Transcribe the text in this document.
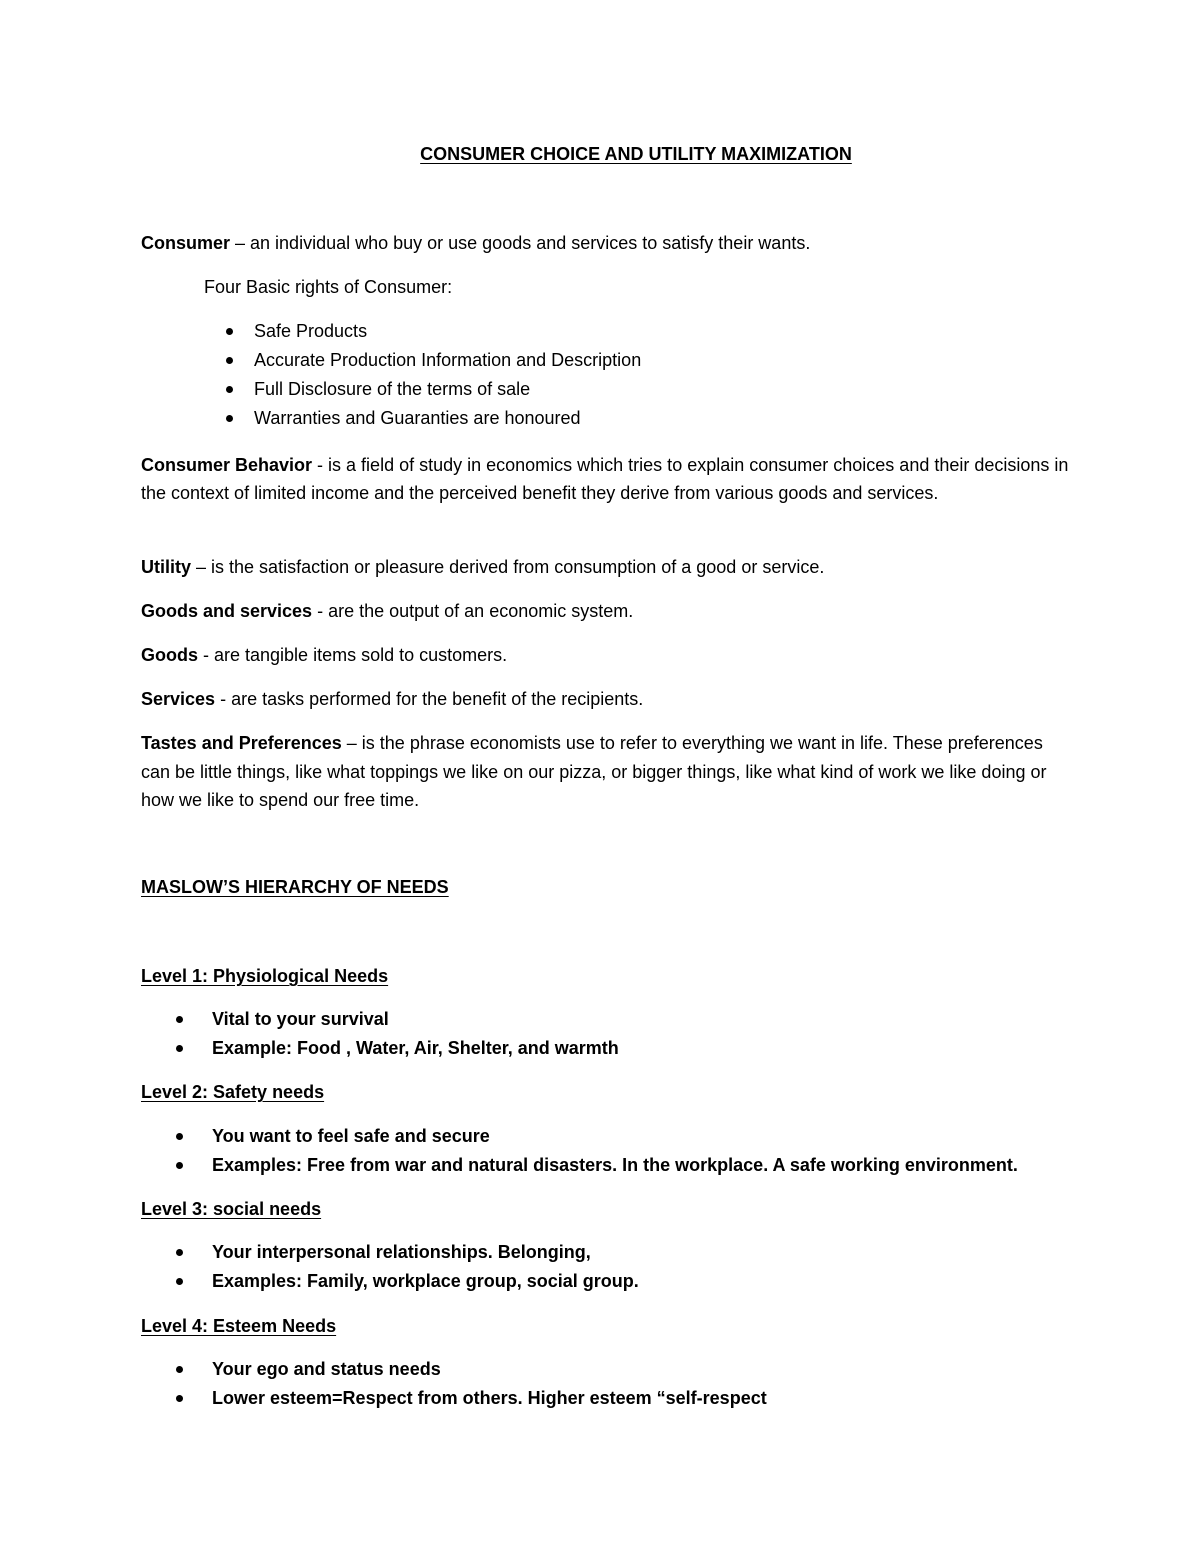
CONSUMER CHOICE AND UTILITY MAXIMIZATION

Consumer – an individual who buy or use goods and services to satisfy their wants.

Four Basic rights of Consumer:

Safe Products
Accurate Production Information and Description
Full Disclosure of the terms of sale
Warranties and Guaranties are honoured

Consumer Behavior - is a field of study in economics which tries to explain consumer choices and their decisions in the context of limited income and the perceived benefit they derive from various goods and services.

Utility – is the satisfaction or pleasure derived from consumption of a good or service.

Goods and services - are the output of an economic system.

Goods - are tangible items sold to customers.

Services - are tasks performed for the benefit of the recipients.

Tastes and Preferences – is the phrase economists use to refer to everything we want in life. These preferences can be little things, like what toppings we like on our pizza, or bigger things, like what kind of work we like doing or how we like to spend our free time.

MASLOW’S HIERARCHY OF NEEDS

Level 1: Physiological Needs

Vital to your survival
Example: Food , Water, Air, Shelter, and warmth

Level 2: Safety needs

You want to feel safe and secure
Examples: Free from war and natural disasters. In the workplace. A safe working environment.

Level 3: social needs

Your interpersonal relationships. Belonging,
Examples: Family, workplace group, social group.

Level 4: Esteem Needs

Your ego and status needs
Lower esteem=Respect from others. Higher esteem “self-respect
